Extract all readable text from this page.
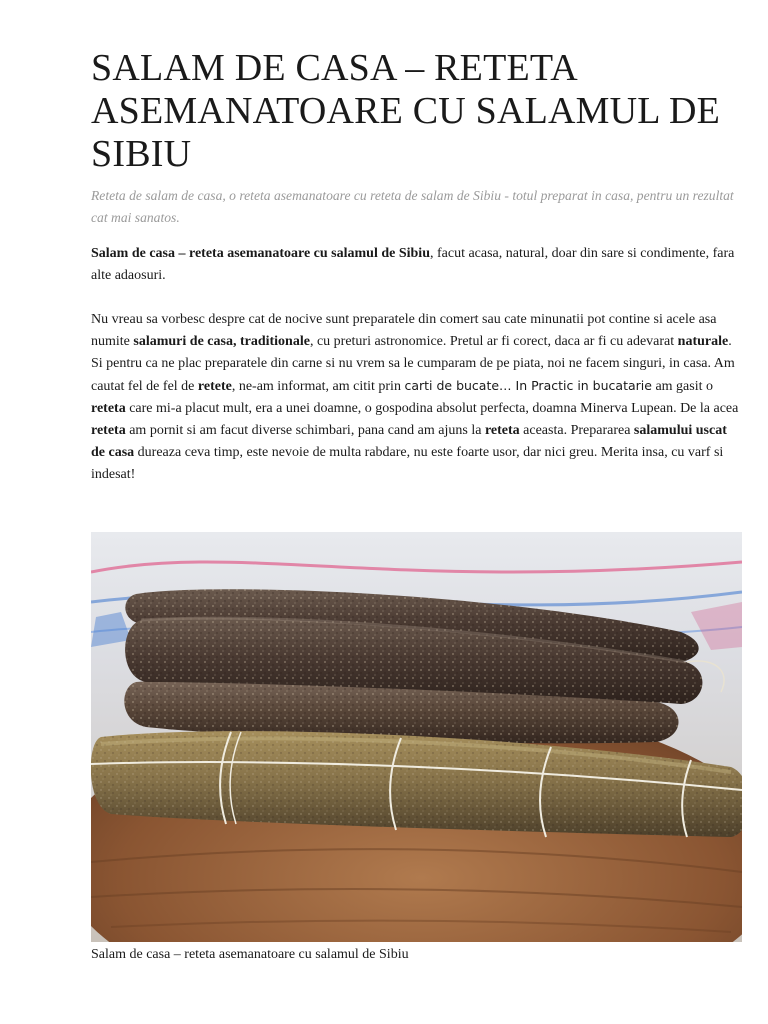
SALAM DE CASA – RETETA ASEMANATOARE CU SALAMUL DE SIBIU

Reteta de salam de casa, o reteta asemanatoare cu reteta de salam de Sibiu - totul preparat in casa, pentru un rezultat cat mai sanatos.

Salam de casa – reteta asemanatoare cu salamul de Sibiu, facut acasa, natural, doar din sare si condimente, fara alte adaosuri.

Nu vreau sa vorbesc despre cat de nocive sunt preparatele din comert sau cate minunatii pot contine si acele asa numite salamuri de casa, traditionale, cu preturi astronomice. Pretul ar fi corect, daca ar fi cu adevarat naturale. Si pentru ca ne plac preparatele din carne si nu vrem sa le cumparam de pe piata, noi ne facem singuri, in casa. Am cautat fel de fel de retete, ne-am informat, am citit prin carti de bucate… In Practic in bucatarie am gasit o reteta care mi-a placut mult, era a unei doamne, o gospodina absolut perfecta, doamna Minerva Lupean. De la acea reteta am pornit si am facut diverse schimbari, pana cand am ajuns la reteta aceasta. Prepararea salamului uscat de casa dureaza ceva timp, este nevoie de multa rabdare, nu este foarte usor, dar nici greu. Merita insa, cu varf si indesat!

Salam de casa – reteta asemanatoare cu salamul de Sibiu
